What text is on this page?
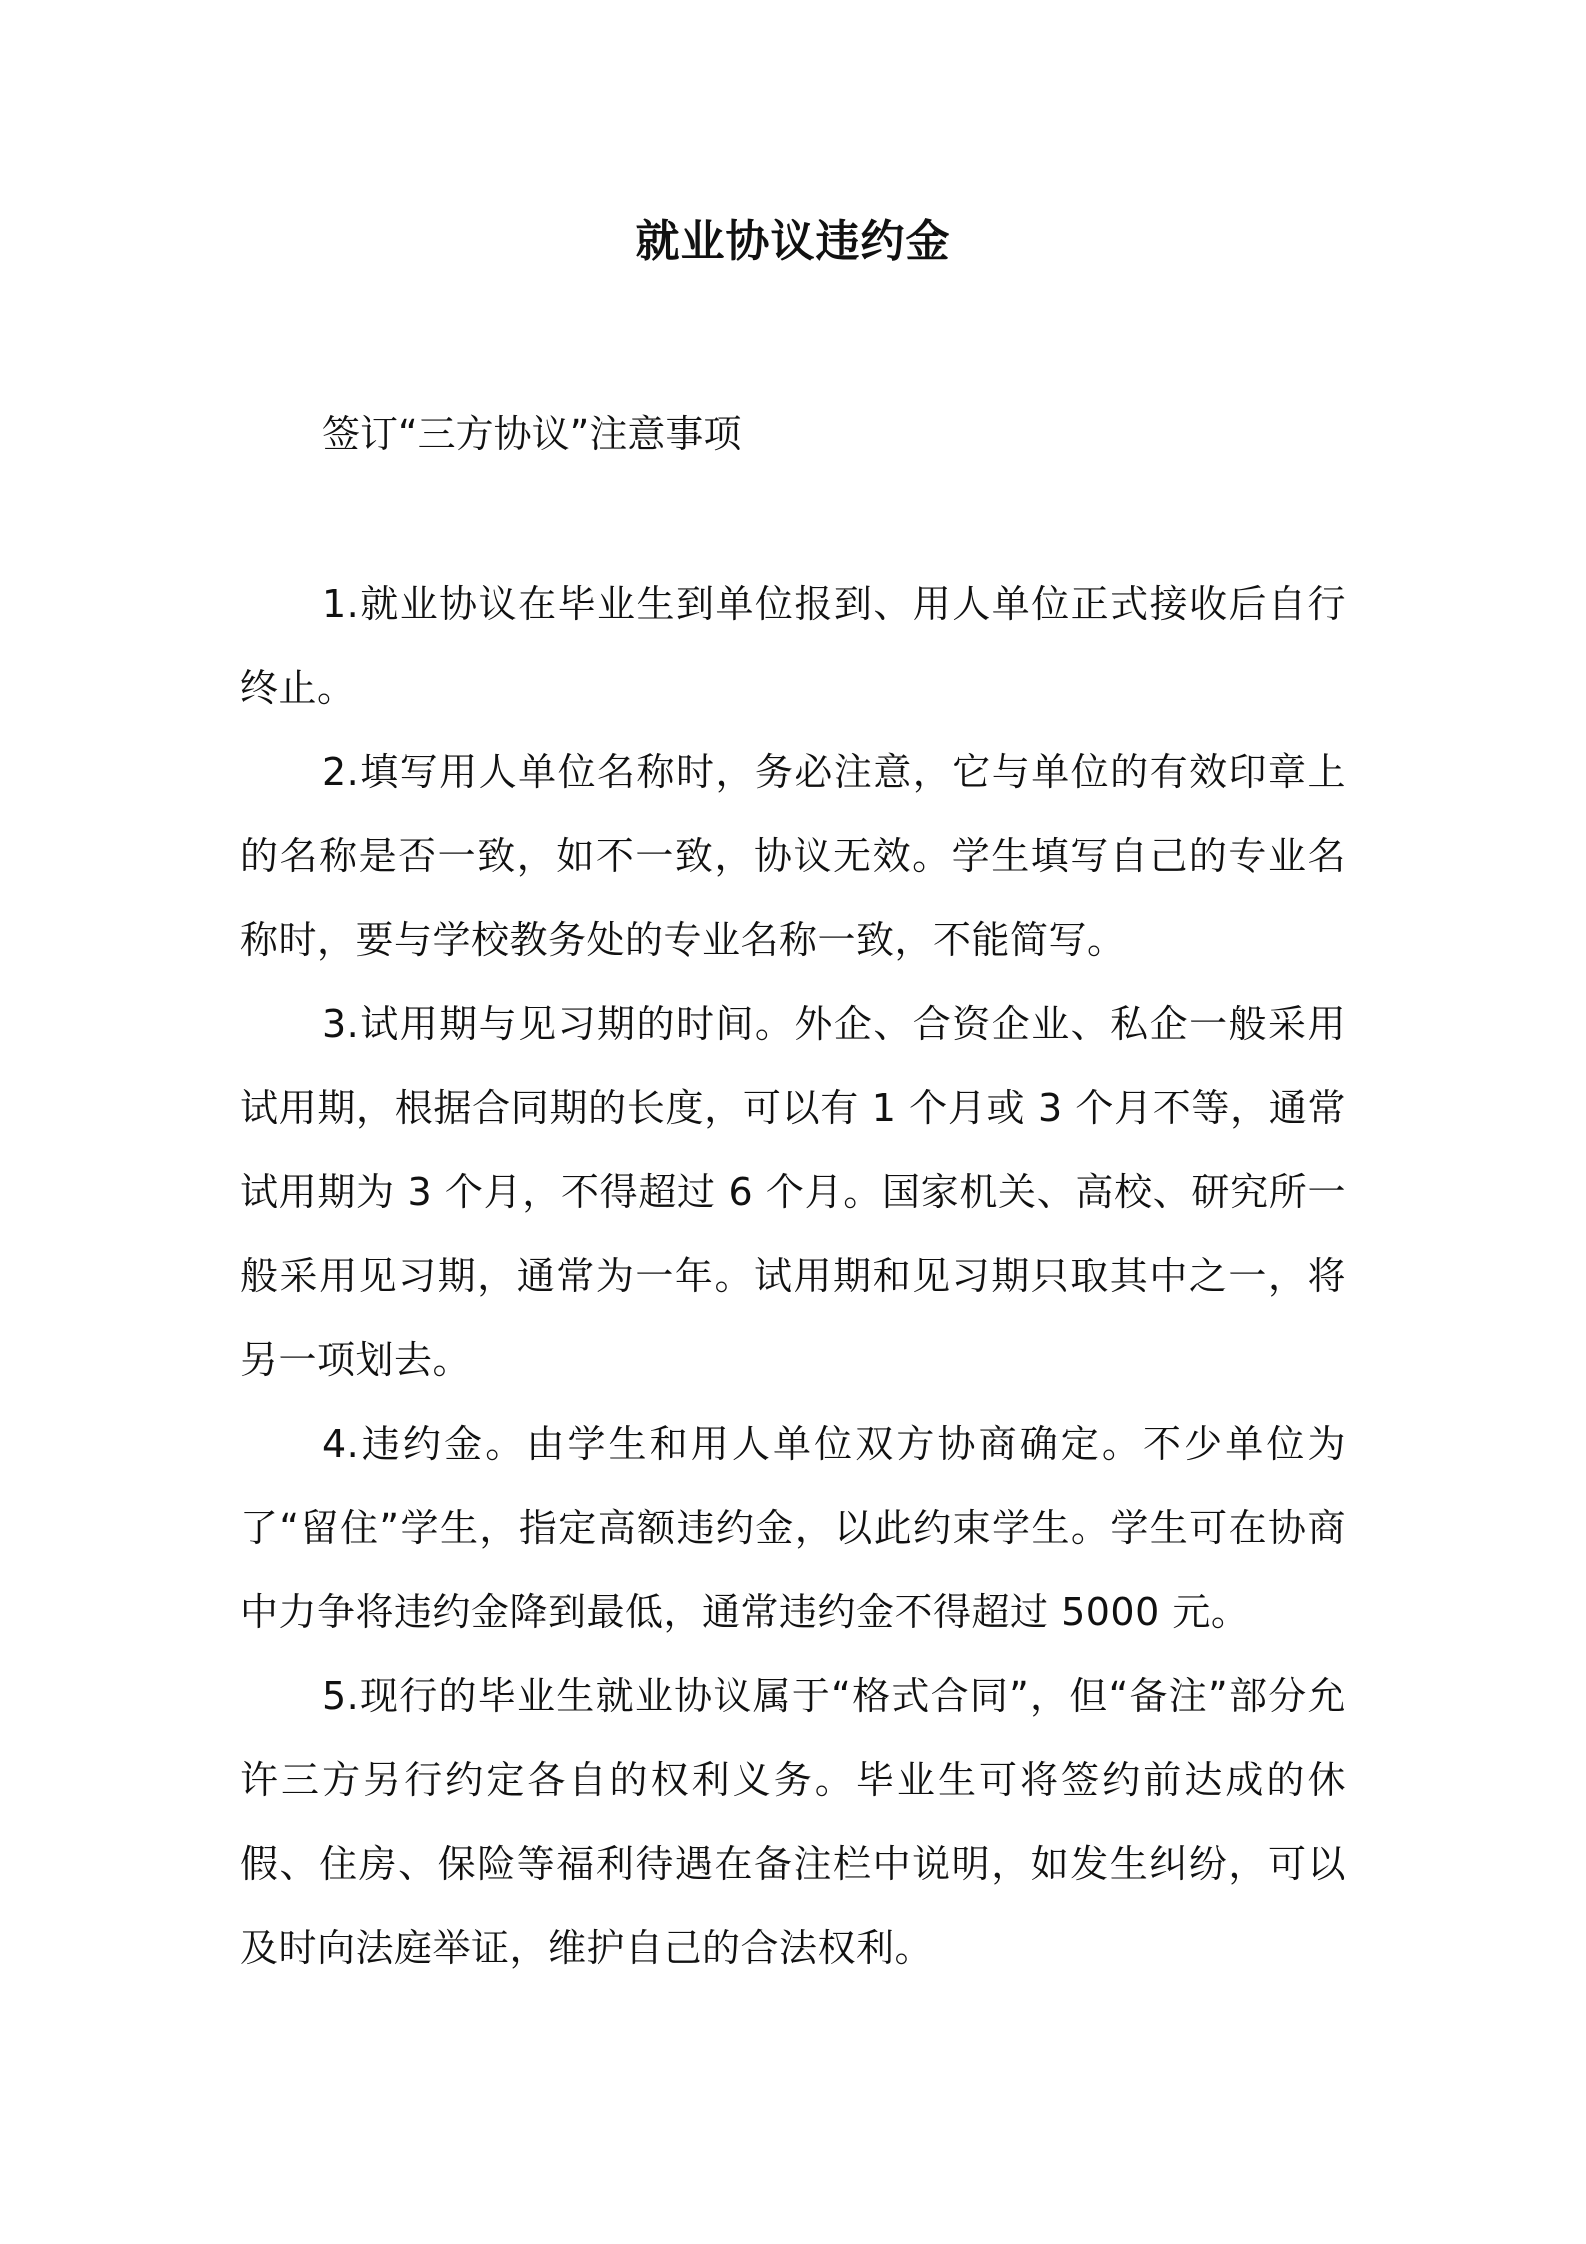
就业协议违约金

签订“三方协议”注意事项

1.就业协议在毕业生到单位报到、用人单位正式接收后自行终止。

2.填写用人单位名称时，务必注意，它与单位的有效印章上的名称是否一致，如不一致，协议无效。学生填写自己的专业名称时，要与学校教务处的专业名称一致，不能简写。

3.试用期与见习期的时间。外企、合资企业、私企一般采用试用期，根据合同期的长度，可以有 1 个月或 3 个月不等，通常试用期为 3 个月，不得超过 6 个月。国家机关、高校、研究所一般采用见习期，通常为一年。试用期和见习期只取其中之一，将另一项划去。

4.违约金。由学生和用人单位双方协商确定。不少单位为了“留住”学生，指定高额违约金，以此约束学生。学生可在协商中力争将违约金降到最低，通常违约金不得超过 5000 元。

5.现行的毕业生就业协议属于“格式合同”，但“备注”部分允许三方另行约定各自的权利义务。毕业生可将签约前达成的休假、住房、保险等福利待遇在备注栏中说明，如发生纠纷，可以及时向法庭举证，维护自己的合法权利。
